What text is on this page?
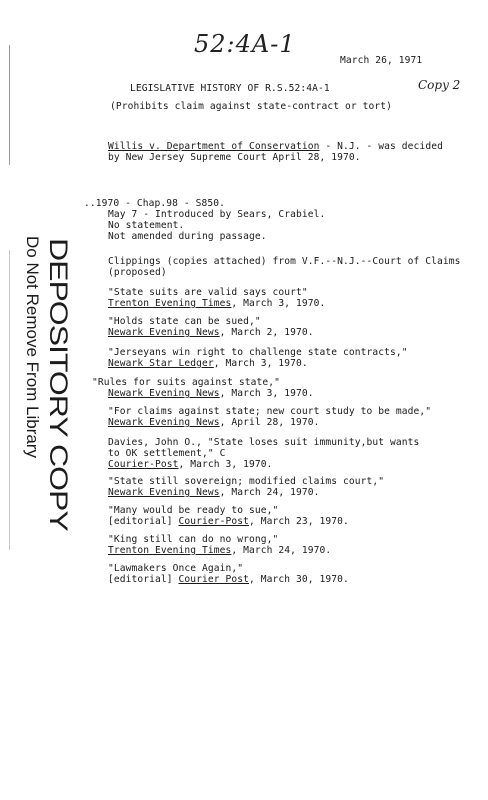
52:4A-1
Copy 2
March 26, 1971
LEGISLATIVE HISTORY OF R.S.52:4A-1
(Prohibits claim against state-contract or tort)
Willis v. Department of Conservation - N.J. - was decided
by New Jersey Supreme Court April 28, 1970.
..1970 - Chap.98 - S850.
May 7 - Introduced by Sears, Crabiel.
No statement.
Not amended during passage.
DEPOSITORY COPY
Do Not Remove From Library	Clippings (copies attached) from V.F.--N.J.--Court of Claims
(proposed)
"State suits are valid says court"
Trenton Evening Times, March 3, 1970.
"Holds state can be sued,"
Newark Evening News, March 2, 1970.
"Jerseyans win right to challenge state contracts,"
Newark Star Ledger, March 3, 1970.
"Rules for suits against state,"
Newark Evening News, March 3, 1970.
"For claims against state; new court study to be made,"
Newark Evening News, April 28, 1970.
Davies, John O., "State loses suit immunity,but wants
to OK settlement," C
Courier-Post, March 3, 1970.
"State still sovereign; modified claims court,"
Newark Evening News, March 24, 1970.
"Many would be ready to sue,"
[editorial] Courier-Post, March 23, 1970.
"King still can do no wrong,"
Trenton Evening Times, March 24, 1970.
"Lawmakers Once Again,"
[editorial] Courier Post, March 30, 1970.
